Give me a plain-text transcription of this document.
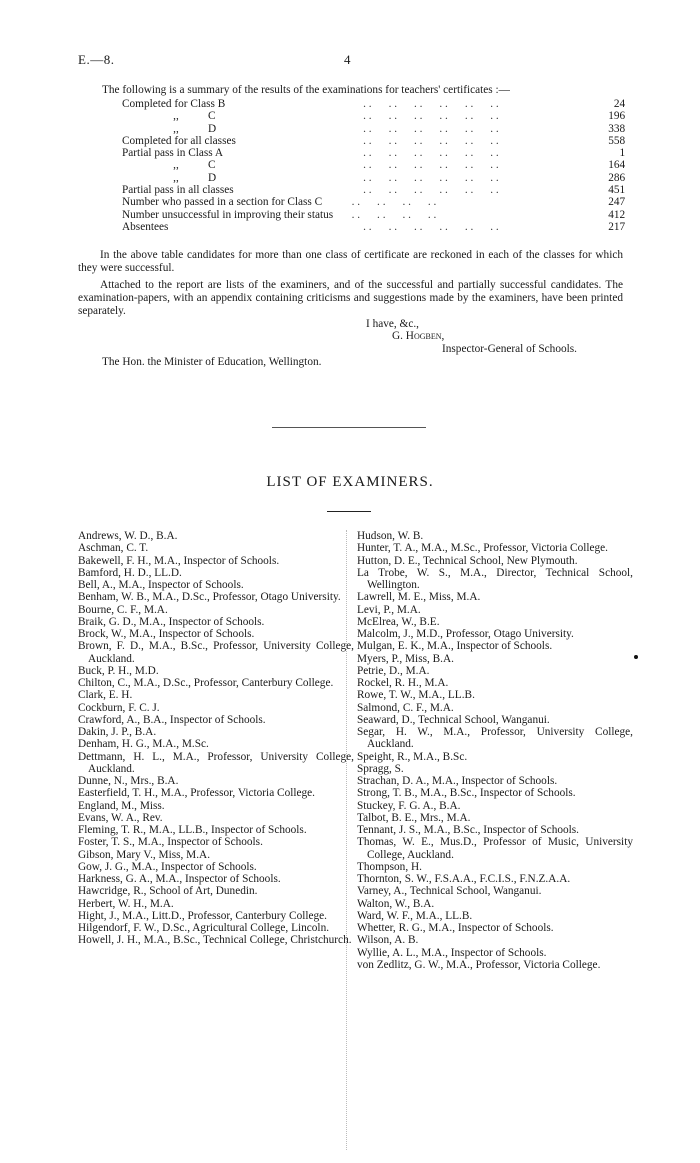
E.—8.	4
The following is a summary of the results of the examinations for teachers' certificates :—
Completed for Class B	. .      . .      . .      . .      . .      . .	24
,, C	. .      . .      . .      . .      . .      . .	196
,, D	. .      . .      . .      . .      . .      . .	338
Completed for all classes	. .      . .      . .      . .      . .      . .	558
Partial pass in Class A	. .      . .      . .      . .      . .      . .	1
,, C	. .      . .      . .      . .      . .      . .	164
,, D	. .      . .      . .      . .      . .      . .	286
Partial pass in all classes	. .      . .      . .      . .      . .      . .	451
Number who passed in a section for Class C	. .      . .      . .      . .	247
Number unsuccessful in improving their status	. .      . .      . .      . .	412
Absentees	. .      . .      . .      . .      . .      . .	217
In the above table candidates for more than one class of certificate are reckoned in each of the classes for which they were successful.
Attached to the report are lists of the examiners, and of the successful and partially successful candidates. The examination-papers, with an appendix containing criticisms and suggestions made by the examiners, have been printed separately.
I have, &c.,
G. Hogben,
Inspector-General of Schools.
The Hon. the Minister of Education, Wellington.
LIST OF EXAMINERS.
Andrews, W. D., B.A.
Aschman, C. T.
Bakewell, F. H., M.A., Inspector of Schools.
Bamford, H. D., LL.D.
Bell, A., M.A., Inspector of Schools.
Benham, W. B., M.A., D.Sc., Professor, Otago University.
Bourne, C. F., M.A.
Braik, G. D., M.A., Inspector of Schools.
Brock, W., M.A., Inspector of Schools.
Brown, F. D., M.A., B.Sc., Professor, University College, Auckland.
Buck, P. H., M.D.
Chilton, C., M.A., D.Sc., Professor, Canterbury College.
Clark, E. H.
Cockburn, F. C. J.
Crawford, A., B.A., Inspector of Schools.
Dakin, J. P., B.A.
Denham, H. G., M.A., M.Sc.
Dettmann, H. L., M.A., Professor, University College, Auckland.
Dunne, N., Mrs., B.A.
Easterfield, T. H., M.A., Professor, Victoria College.
England, M., Miss.
Evans, W. A., Rev.
Fleming, T. R., M.A., LL.B., Inspector of Schools.
Foster, T. S., M.A., Inspector of Schools.
Gibson, Mary V., Miss, M.A.
Gow, J. G., M.A., Inspector of Schools.
Harkness, G. A., M.A., Inspector of Schools.
Hawcridge, R., School of Art, Dunedin.
Herbert, W. H., M.A.
Hight, J., M.A., Litt.D., Professor, Canterbury College.
Hilgendorf, F. W., D.Sc., Agricultural College, Lincoln.
Howell, J. H., M.A., B.Sc., Technical College, Christchurch.
Hudson, W. B.
Hunter, T. A., M.A., M.Sc., Professor, Victoria College.
Hutton, D. E., Technical School, New Plymouth.
La Trobe, W. S., M.A., Director, Technical School, Wellington.
Lawrell, M. E., Miss, M.A.
Levi, P., M.A.
McElrea, W., B.E.
Malcolm, J., M.D., Professor, Otago University.
Mulgan, E. K., M.A., Inspector of Schools.
Myers, P., Miss, B.A.
Petrie, D., M.A.
Rockel, R. H., M.A.
Rowe, T. W., M.A., LL.B.
Salmond, C. F., M.A.
Seaward, D., Technical School, Wanganui.
Segar, H. W., M.A., Professor, University College, Auckland.
Speight, R., M.A., B.Sc.
Spragg, S.
Strachan, D. A., M.A., Inspector of Schools.
Strong, T. B., M.A., B.Sc., Inspector of Schools.
Stuckey, F. G. A., B.A.
Talbot, B. E., Mrs., M.A.
Tennant, J. S., M.A., B.Sc., Inspector of Schools.
Thomas, W. E., Mus.D., Professor of Music, University College, Auckland.
Thompson, H.
Thornton, S. W., F.S.A.A., F.C.I.S., F.N.Z.A.A.
Varney, A., Technical School, Wanganui.
Walton, W., B.A.
Ward, W. F., M.A., LL.B.
Whetter, R. G., M.A., Inspector of Schools.
Wilson, A. B.
Wyllie, A. L., M.A., Inspector of Schools.
von Zedlitz, G. W., M.A., Professor, Victoria College.
